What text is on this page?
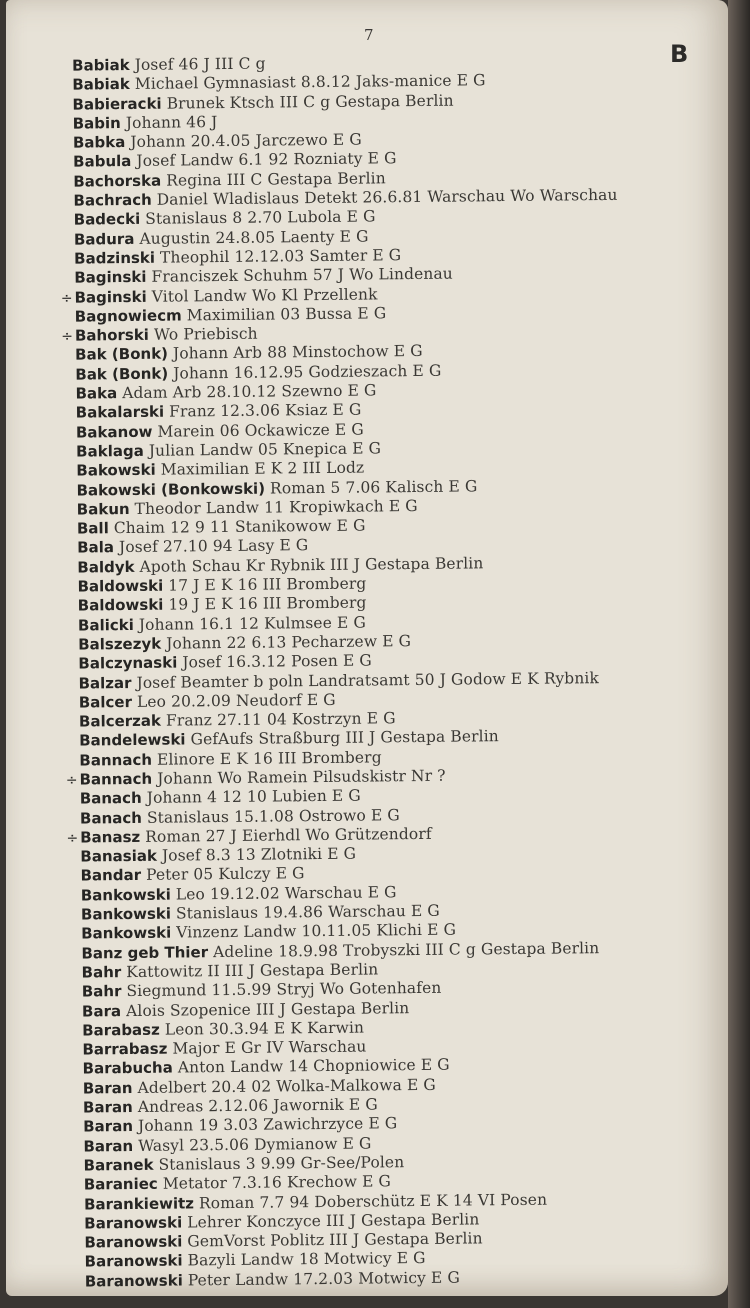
7
B
Babiak Josef 46 J III C g
Babiak Michael Gymnasiast 8.8.12 Jaks-manice E G
Babieracki Brunek Ktsch III C g Gestapa Berlin
Babin Johann 46 J
Babka Johann 20.4.05 Jarczewo E G
Babula Josef Landw 6.1 92 Rozniaty E G
Bachorska Regina III C Gestapa Berlin
Bachrach Daniel Wladislaus Detekt 26.6.81 Warschau Wo Warschau
Badecki Stanislaus 8 2.70 Lubola E G
Badura Augustin 24.8.05 Laenty E G
Badzinski Theophil 12.12.03 Samter E G
Baginski Franciszek Schuhm 57 J Wo Lindenau
÷ Baginski Vitol Landw Wo Kl Przellenk
Bagnowiecm Maximilian 03 Bussa E G
÷ Bahorski Wo Priebisch
Bak (Bonk) Johann Arb 88 Minstochow E G
Bak (Bonk) Johann 16.12.95 Godzieszach E G
Baka Adam Arb 28.10.12 Szewno E G
Bakalarski Franz 12.3.06 Ksiaz E G
Bakanow Marein 06 Ockawicze E G
Baklaga Julian Landw 05 Knepica E G
Bakowski Maximilian E K 2 III Lodz
Bakowski (Bonkowski) Roman 5 7.06 Kalisch E G
Bakun Theodor Landw 11 Kropiwkach E G
Ball Chaim 12 9 11 Stanikowow E G
Bala Josef 27.10 94 Lasy E G
Baldyk Apoth Schau Kr Rybnik III J Gestapa Berlin
Baldowski 17 J E K 16 III Bromberg
Baldowski 19 J E K 16 III Bromberg
Balicki Johann 16.1 12 Kulmsee E G
Balszezyk Johann 22 6.13 Pecharzew E G
Balczynaski Josef 16.3.12 Posen E G
Balzar Josef Beamter b poln Landratsamt 50 J Godow E K Rybnik
Balcer Leo 20.2.09 Neudorf E G
Balcerzak Franz 27.11 04 Kostrzyn E G
Bandelewski GefAufs Straßburg III J Gestapa Berlin
Bannach Elinore E K 16 III Bromberg
÷ Bannach Johann Wo Ramein Pilsudskistr Nr ?
Banach Johann 4 12 10 Lubien E G
Banach Stanislaus 15.1.08 Ostrowo E G
÷ Banasz Roman 27 J Eierhdl Wo Grützendorf
Banasiak Josef 8.3 13 Zlotniki E G
Bandar Peter 05 Kulczy E G
Bankowski Leo 19.12.02 Warschau E G
Bankowski Stanislaus 19.4.86 Warschau E G
Bankowski Vinzenz Landw 10.11.05 Klichi E G
Banz geb Thier Adeline 18.9.98 Trobyszki III C g Gestapa Berlin
Bahr Kattowitz II III J Gestapa Berlin
Bahr Siegmund 11.5.99 Stryj Wo Gotenhafen
Bara Alois Szopenice III J Gestapa Berlin
Barabasz Leon 30.3.94 E K Karwin
Barrabasz Major E Gr IV Warschau
Barabucha Anton Landw 14 Chopniowice E G
Baran Adelbert 20.4 02 Wolka-Malkowa E G
Baran Andreas 2.12.06 Jawornik E G
Baran Johann 19 3.03 Zawichrzyce E G
Baran Wasyl 23.5.06 Dymianow E G
Baranek Stanislaus 3 9.99 Gr-See/Polen
Baraniec Metator 7.3.16 Krechow E G
Barankiewitz Roman 7.7 94 Doberschütz E K 14 VI Posen
Baranowski Lehrer Konczyce III J Gestapa Berlin
Baranowski GemVorst Poblitz III J Gestapa Berlin
Baranowski Bazyli Landw 18 Motwicy E G
Baranowski Peter Landw 17.2.03 Motwicy E G
